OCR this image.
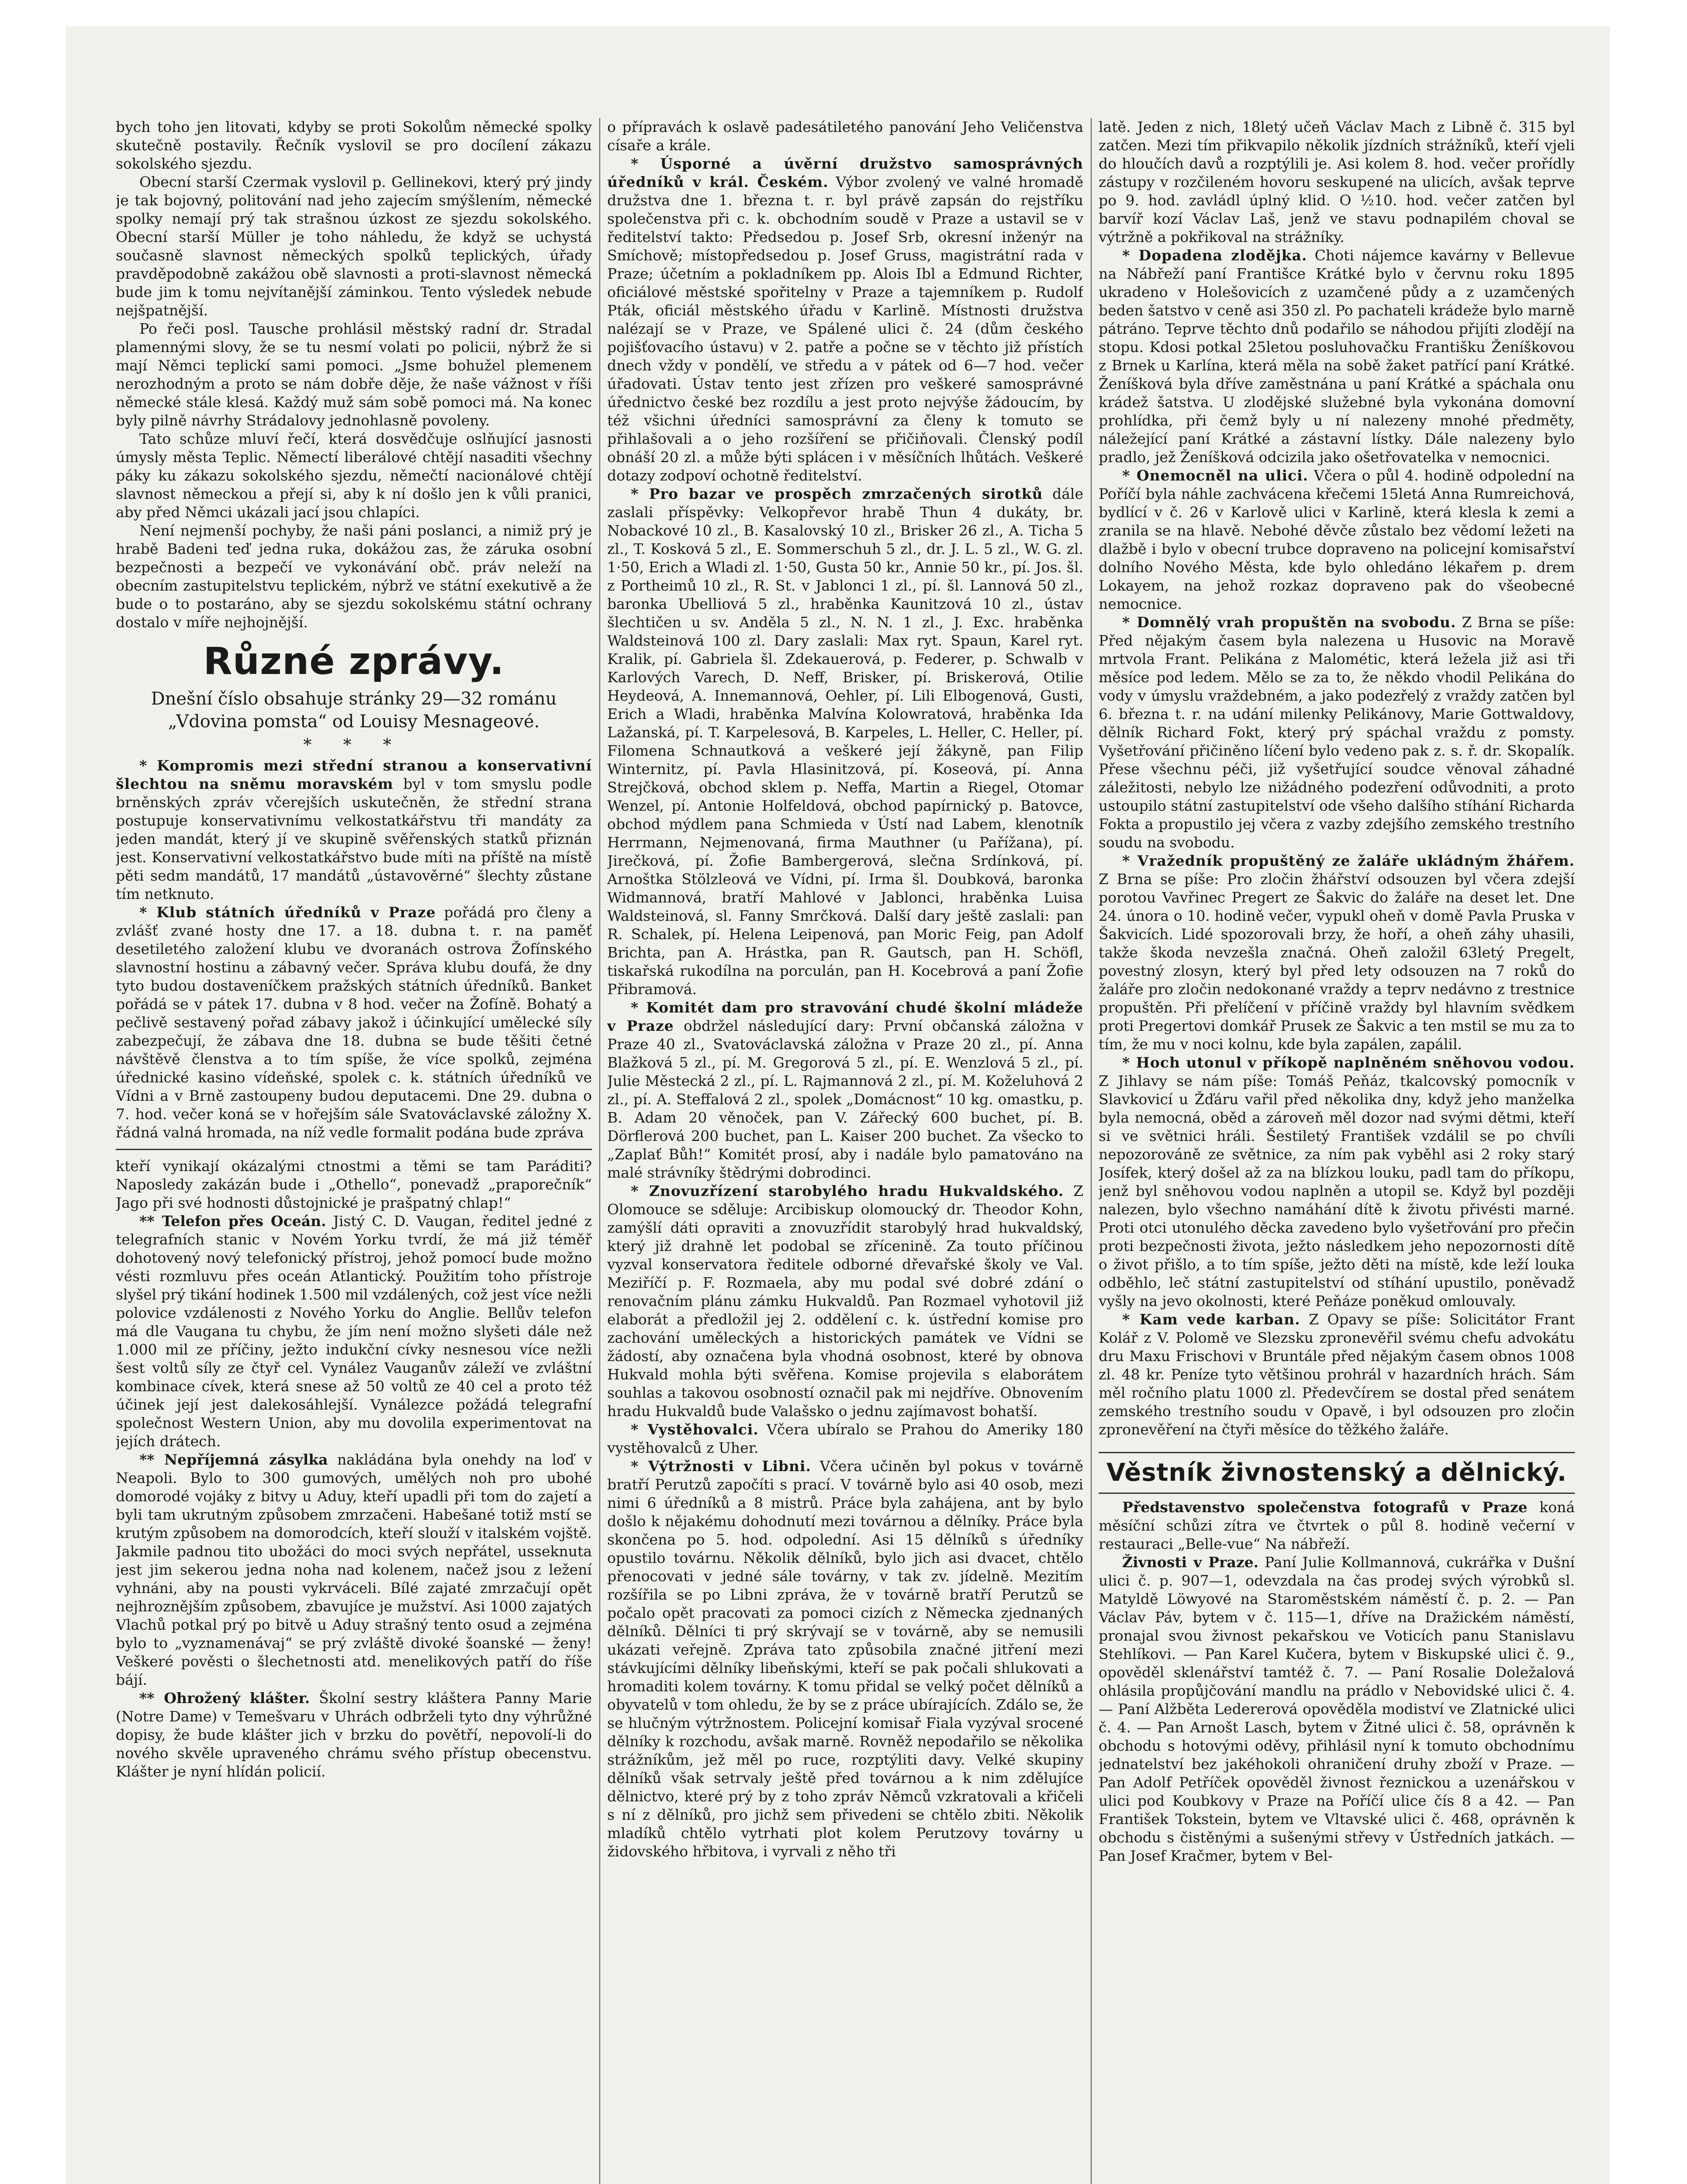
bych toho jen litovati, kdyby se proti Sokolům německé spolky skutečně postavily. Řečník vyslovil se pro docílení zákazu sokolského sjezdu.

Obecní starší Czermak vyslovil p. Gellinekovi, který prý jindy je tak bojovný, politování nad jeho zajecím smýšlením, německé spolky nemají prý tak strašnou úzkost ze sjezdu sokolského. Obecní starší Müller je toho náhledu, že když se uchystá současně slavnost německých spolků teplických, úřady pravděpodobně zakážou obě slavnosti a proti-slavnost německá bude jim k tomu nejvítanější záminkou. Tento výsledek nebude nejšpatnější.

Po řeči posl. Tausche prohlásil městský radní dr. Stradal plamennými slovy, že se tu nesmí volati po policii, nýbrž že si mají Němci teplickí sami pomoci. „Jsme bohužel plemenem nerozhodným a proto se nám dobře děje, že naše vážnost v říši německé stále klesá. Každý muž sám sobě pomoci má. Na konec byly pilně návrhy Strádalovy jednohlasně povoleny.

Tato schůze mluví řečí, která dosvědčuje oslňující jasnosti úmysly města Teplic. Němectí liberálové chtějí nasaditi všechny páky ku zákazu sokolského sjezdu, němečtí nacionálové chtějí slavnost německou a přejí si, aby k ní došlo jen k vůli pranici, aby před Němci ukázali jací jsou chlapíci.

Není nejmenší pochyby, že naši páni poslanci, a nimiž prý je hrabě Badeni teď jedna ruka, dokážou zas, že záruka osobní bezpečnosti a bezpečí ve vykonávání obč. práv neleží na obecním zastupitelstvu teplickém, nýbrž ve státní exekutivě a že bude o to postaráno, aby se sjezdu sokolskému státní ochrany dostalo v míře nejhojnější.

Různé zprávy.

Dnešní číslo obsahuje stránky 29—32 románu „Vdovina pomsta“ od Louisy Mesnageové.

* * *

* Kompromis mezi střední stranou a konservativní šlechtou na sněmu moravském byl v tom smyslu podle brněnských zpráv včerejších uskutečněn, že střední strana postupuje konservativnímu velkostatkářstvu tři mandáty za jeden mandát, který jí ve skupině svěřenských statků přiznán jest. Konservativní velkostatkářstvo bude míti na příště na místě pěti sedm mandátů, 17 mandátů „ústavověrné“ šlechty zůstane tím netknuto.

* Klub státních úředníků v Praze pořádá pro členy a zvlášť zvané hosty dne 17. a 18. dubna t. r. na paměť desetiletého založení klubu ve dvoranách ostrova Žofínského slavnostní hostinu a zábavný večer. Správa klubu doufá, že dny tyto budou dostaveníčkem pražských státních úředníků. Banket pořádá se v pátek 17. dubna v 8 hod. večer na Žofíně. Bohatý a pečlivě sestavený pořad zábavy jakož i účinkující umělecké síly zabezpečují, že zábava dne 18. dubna se bude těšiti četné návštěvě členstva a to tím spíše, že více spolků, zejména úřednické kasino vídeňské, spolek c. k. státních úředníků ve Vídni a v Brně zastoupeny budou deputacemi. Dne 29. dubna o 7. hod. večer koná se v hořejším sále Svatováclavské záložny X. řádná valná hromada, na níž vedle formalit podána bude zpráva

kteří vynikají okázalými ctnostmi a těmi se tam Paráditi? Naposledy zakázán bude i „Othello“, ponevadž „praporečník“ Jago při své hodnosti důstojnické je prašpatný chlap!“

** Telefon přes Oceán. Jistý C. D. Vaugan, ředitel jedné z telegrafních stanic v Novém Yorku tvrdí, že má již téměř dohotovený nový telefonický přístroj, jehož pomocí bude možno vésti rozmluvu přes oceán Atlantický. Použitím toho přístroje slyšel prý tikání hodinek 1.500 mil vzdálených, což jest více nežli polovice vzdálenosti z Nového Yorku do Anglie. Bellův telefon má dle Vaugana tu chybu, že jím není možno slyšeti dále než 1.000 mil ze příčiny, ježto indukční cívky nesnesou více nežli šest voltů síly ze čtyř cel. Vynález Vauganův záleží ve zvláštní kombinace cívek, která snese až 50 voltů ze 40 cel a proto též účinek její jest dalekosáhlejší. Vynálezce požádá telegrafní společnost Western Union, aby mu dovolila experimentovat na jejích drátech.

** Nepříjemná zásylka nakládána byla onehdy na loď v Neapoli. Bylo to 300 gumových, umělých noh pro ubohé domorodé vojáky z bitvy u Aduy, kteří upadli při tom do zajetí a byli tam ukrutným způsobem zmrzačeni. Habešané totiž mstí se krutým způsobem na domorodcích, kteří slouží v italském vojště. Jakmile padnou tito ubožáci do moci svých nepřátel, usseknuta jest jim sekerou jedna noha nad kolenem, načež jsou z ležení vyhnáni, aby na pousti vykrváceli. Bílé zajaté zmrzačují opět nejhroznějším způsobem, zbavujíce je mužství. Asi 1000 zajatých Vlachů potkal prý po bitvě u Aduy strašný tento osud a zejména bylo to „vyznamenávaj“ se prý zvláště divoké šoanské — ženy! Veškeré pověsti o šlechetnosti atd. menelikových patří do říše bájí.

** Ohrožený klášter. Školní sestry kláštera Panny Marie (Notre Dame) v Temešvaru v Uhrách odbrželi tyto dny výhrůžné dopisy, že bude klášter jich v brzku do povětří, nepovolí-li do nového skvěle upraveného chrámu svého přístup obecenstvu. Klášter je nyní hlídán policií.

o přípravách k oslavě padesátiletého panování Jeho Veličenstva císaře a krále.

* Úsporné a úvěrní družstvo samosprávných úředníků v král. Českém. Výbor zvolený ve valné hromadě družstva dne 1. března t. r. byl právě zapsán do rejstříku společenstva při c. k. obchodním soudě v Praze a ustavil se v ředitelství takto: Předsedou p. Josef Srb, okresní inženýr na Smíchově; místopředsedou p. Josef Gruss, magistrátní rada v Praze; účetním a pokladníkem pp. Alois Ibl a Edmund Richter, oficiálové městské spořitelny v Praze a tajemníkem p. Rudolf Pták, oficiál městského úřadu v Karlině. Místnosti družstva nalézají se v Praze, ve Spálené ulici č. 24 (dům českého pojišťovacího ústavu) v 2. patře a počne se v těchto již přístích dnech vždy v pondělí, ve středu a v pátek od 6—7 hod. večer úřadovati. Ústav tento jest zřízen pro veškeré samosprávné úřednictvo české bez rozdílu a jest proto nejvýše žádoucím, by též všichni úředníci samosprávní za členy k tomuto se přihlašovali a o jeho rozšíření se přičiňovali. Členský podíl obnáší 20 zl. a může býti splácen i v měsíčních lhůtách. Veškeré dotazy zodpoví ochotně ředitelství.

* Pro bazar ve prospěch zmrzačených sirotků dále zaslali příspěvky: Velkopřevor hrabě Thun 4 dukáty, br. Nobackové 10 zl., B. Kasalovský 10 zl., Brisker 26 zl., A. Ticha 5 zl., T. Kosková 5 zl., E. Sommerschuh 5 zl., dr. J. L. 5 zl., W. G. zl. 1·50, Erich a Wladi zl. 1·50, Gusta 50 kr., Annie 50 kr., pí. Jos. šl. z Portheimů 10 zl., R. St. v Jablonci 1 zl., pí. šl. Lannová 50 zl., baronka Ubelliová 5 zl., hraběnka Kaunitzová 10 zl., ústav šlechtičen u sv. Anděla 5 zl., N. N. 1 zl., J. Exc. hraběnka Waldsteinová 100 zl. Dary zaslali: Max ryt. Spaun, Karel ryt. Kralik, pí. Gabriela šl. Zdekauerová, p. Federer, p. Schwalb v Karlových Varech, D. Neff, Brisker, pí. Briskerová, Otilie Heydeová, A. Innemannová, Oehler, pí. Lili Elbogenová, Gusti, Erich a Wladi, hraběnka Malvína Kolowratová, hraběnka Ida Lažanská, pí. T. Karpelesová, B. Karpeles, L. Heller, C. Heller, pí. Filomena Schnautková a veškeré její žákyně, pan Filip Winternitz, pí. Pavla Hlasinitzová, pí. Koseová, pí. Anna Strejčková, obchod sklem p. Neffa, Martin a Riegel, Otomar Wenzel, pí. Antonie Holfeldová, obchod papírnický p. Batovce, obchod mýdlem pana Schmieda v Ústí nad Labem, klenotník Herrmann, Nejmenovaná, firma Mauthner (u Pařížana), pí. Jirečková, pí. Žofie Bambergerová, slečna Srdínková, pí. Arnoštka Stölzleová ve Vídni, pí. Irma šl. Doubková, baronka Widmannová, bratří Mahlové v Jablonci, hraběnka Luisa Waldsteinová, sl. Fanny Smrčková. Další dary ještě zaslali: pan R. Schalek, pí. Helena Leipenová, pan Moric Feig, pan Adolf Brichta, pan A. Hrástka, pan R. Gautsch, pan H. Schöfl, tiskařská rukodílna na porculán, pan H. Kocebrová a paní Žofie Přibramová.

* Komitét dam pro stravování chudé školní mládeže v Praze obdržel následující dary: První občanská záložna v Praze 40 zl., Svatováclavská záložna v Praze 20 zl., pí. Anna Blažková 5 zl., pí. M. Gregorová 5 zl., pí. E. Wenzlová 5 zl., pí. Julie Městecká 2 zl., pí. L. Rajmannová 2 zl., pí. M. Koželuhová 2 zl., pí. A. Steffalová 2 zl., spolek „Domácnost“ 10 kg. omastku, p. B. Adam 20 věnoček, pan V. Zářecký 600 buchet, pí. B. Dörflerová 200 buchet, pan L. Kaiser 200 buchet. Za všecko to „Zaplať Bůh!“ Komitét prosí, aby i nadále bylo pamatováno na malé strávníky štědrými dobrodinci.

* Znovuzřízení starobylého hradu Hukvaldského. Z Olomouce se sděluje: Arcibiskup olomoucký dr. Theodor Kohn, zamýšlí dáti opraviti a znovuzřídit starobylý hrad hukvaldský, který již drahně let podobal se zřícenině. Za touto příčinou vyzval konservatora ředitele odborné dřevařské školy ve Val. Meziříčí p. F. Rozmaela, aby mu podal své dobré zdání o renovačním plánu zámku Hukvaldů. Pan Rozmael vyhotovil již elaborát a předložil jej 2. oddělení c. k. ústřední komise pro zachování uměleckých a historických památek ve Vídni se žádostí, aby označena byla vhodná osobnost, které by obnova Hukvald mohla býti svěřena. Komise projevila s elaborátem souhlas a takovou osobností označil pak mi nejdříve. Obnovením hradu Hukvaldů bude Valašsko o jednu zajímavost bohatší.

* Vystěhovalci. Včera ubíralo se Prahou do Ameriky 180 vystěhovalců z Uher.

* Výtržnosti v Libni. Včera učiněn byl pokus v továrně bratří Perutzů započíti s prací. V továrně bylo asi 40 osob, mezi nimi 6 úředníků a 8 mistrů. Práce byla zahájena, ant by bylo došlo k nějakému dohodnutí mezi továrnou a dělníky. Práce byla skončena po 5. hod. odpolední. Asi 15 dělníků s úředníky opustilo továrnu. Několik dělníků, bylo jich asi dvacet, chtělo přenocovati v jedné sále továrny, v tak zv. jídelně. Mezitím rozšířila se po Libni zpráva, že v továrně bratří Perutzů se počalo opět pracovati za pomoci cizích z Německa zjednaných dělníků. Dělníci ti prý skrývají se v továrně, aby se nemusili ukázati veřejně. Zpráva tato způsobila značné jitření mezi stávkujícími dělníky libeňskými, kteří se pak počali shlukovati a hromaditi kolem továrny. K tomu přidal se velký počet dělníků a obyvatelů v tom ohledu, že by se z práce ubírajících. Zdálo se, že se hlučným výtržnostem. Policejní komisař Fiala vyzýval srocené dělníky k rozchodu, avšak marně. Rovněž nepodařilo se několika strážníkům, jež měl po ruce, rozptýliti davy. Velké skupiny dělníků však setrvaly ještě před továrnou a k nim zdělujíce dělnictvo, které prý by z toho zpráv Němců vzkratovali a křičeli s ní z dělníků, pro jichž sem přivedeni se chtělo zbiti. Několik mladíků chtělo vytrhati plot kolem Perutzovy továrny u židovského hřbitova, i vyrvali z něho tři

latě. Jeden z nich, 18letý učeň Václav Mach z Libně č. 315 byl zatčen. Mezi tím přikvapilo několik jízdních strážníků, kteří vjeli do hloučích davů a rozptýlili je. Asi kolem 8. hod. večer prořídly zástupy v rozčileném hovoru seskupené na ulicích, avšak teprve po 9. hod. zavládl úplný klid. O ½10. hod. večer zatčen byl barvíř kozí Václav Laš, jenž ve stavu podnapilém choval se výtržně a pokřikoval na strážníky.

* Dopadena zlodějka. Choti nájemce kavárny v Bellevue na Nábřeží paní Františce Krátké bylo v červnu roku 1895 ukradeno v Holešovicích z uzamčené půdy a z uzamčených beden šatstvo v ceně asi 350 zl. Po pachateli krádeže bylo marně pátráno. Teprve těchto dnů podařilo se náhodou přijíti zlodějí na stopu. Kdosi potkal 25letou posluhovačku Františku Ženíškovou z Brnek u Karlína, která měla na sobě žaket patřící paní Krátké. Ženíšková byla dříve zaměstnána u paní Krátké a spáchala onu krádež šatstva. U zlodějské služebné byla vykonána domovní prohlídka, při čemž byly u ní nalezeny mnohé předměty, náležející paní Krátké a zástavní lístky. Dále nalezeny bylo pradlo, jež Ženíšková odcizila jako ošetřovatelka v nemocnici.

* Onemocněl na ulici. Včera o půl 4. hodině odpolední na Poříčí byla náhle zachvácena křečemi 15letá Anna Rumreichová, bydlící v č. 26 v Karlově ulici v Karlině, která klesla k zemi a zranila se na hlavě. Nebohé děvče zůstalo bez vědomí ležeti na dlažbě i bylo v obecní trubce dopraveno na policejní komisařství dolního Nového Města, kde bylo ohledáno lékařem p. drem Lokayem, na jehož rozkaz dopraveno pak do všeobecné nemocnice.

* Domnělý vrah propuštěn na svobodu. Z Brna se píše: Před nějakým časem byla nalezena u Husovic na Moravě mrtvola Frant. Pelikána z Malométic, která ležela již asi tři měsíce pod ledem. Mělo se za to, že někdo vhodil Pelikána do vody v úmyslu vraždebném, a jako podezřelý z vraždy zatčen byl 6. března t. r. na udání milenky Pelikánovy, Marie Gottwaldovy, dělník Richard Fokt, který prý spáchal vraždu z pomsty. Vyšetřování přičiněno líčení bylo vedeno pak z. s. ř. dr. Skopalík. Přese všechnu péči, již vyšetřující soudce věnoval záhadné záležitosti, nebylo lze nižádného podezření odůvodniti, a proto ustoupilo státní zastupitelství ode všeho dalšího stíhání Richarda Fokta a propustilo jej včera z vazby zdejšího zemského trestního soudu na svobodu.

* Vražedník propuštěný ze žaláře ukládným žhářem. Z Brna se píše: Pro zločin žhářství odsouzen byl včera zdejší porotou Vavřinec Pregert ze Šakvic do žaláře na deset let. Dne 24. února o 10. hodině večer, vypukl oheň v domě Pavla Pruska v Šakvicích. Lidé spozorovali brzy, že hoří, a oheň záhy uhasili, takže škoda nevzešla značná. Oheň založil 63letý Pregelt, povestný zlosyn, který byl před lety odsouzen na 7 roků do žaláře pro zločin nedokonané vraždy a teprv nedávno z trestnice propuštěn. Při přelíčení v příčině vraždy byl hlavním svědkem proti Pregertovi domkář Prusek ze Šakvic a ten mstil se mu za to tím, že mu v noci kolnu, kde byla zapálen, zapálil.

* Hoch utonul v příkopě naplněném sněhovou vodou. Z Jihlavy se nám píše: Tomáš Peňáz, tkalcovský pomocník v Slavkovicí u Žďáru vařil před několika dny, když jeho manželka byla nemocná, oběd a zároveň měl dozor nad svými dětmi, kteří si ve světnici hráli. Šestiletý František vzdálil se po chvíli nepozorováně ze světnice, za ním pak vyběhl asi 2 roky starý Josífek, který došel až za na blízkou louku, padl tam do příkopu, jenž byl sněhovou vodou naplněn a utopil se. Když byl později nalezen, bylo všechno namáhání dítě k životu přivésti marné. Proti otci utonulého děcka zavedeno bylo vyšetřování pro přečin proti bezpečnosti života, ježto následkem jeho nepozornosti dítě o život přišlo, a to tím spíše, ježto děti na místě, kde leží louka odběhlo, leč státní zastupitelství od stíhání upustilo, poněvadž vyšly na jevo okolnosti, které Peňáze poněkud omlouvaly.

* Kam vede karban. Z Opavy se píše: Solicitátor Frant Kolář z V. Polomě ve Slezsku zpronevěřil svému chefu advokátu dru Maxu Frischovi v Bruntále před nějakým časem obnos 1008 zl. 48 kr. Peníze tyto většinou prohrál v hazardních hrách. Sám měl ročního platu 1000 zl. Předevčírem se dostal před senátem zemského trestního soudu v Opavě, i byl odsouzen pro zločin zpronevěření na čtyři měsíce do těžkého žaláře.

Věstník živnostenský a dělnický.

Představenstvo společenstva fotografů v Praze koná měsíční schůzi zítra ve čtvrtek o půl 8. hodině večerní v restauraci „Belle-vue“ Na nábřeží.

Živnosti v Praze. Paní Julie Kollmannová, cukrářka v Dušní ulici č. p. 907—1, odevzdala na čas prodej svých výrobků sl. Matyldě Löwyové na Staroměstském náměstí č. p. 2. — Pan Václav Páv, bytem v č. 115—1, dříve na Dražickém náměstí, pronajal svou živnost pekařskou ve Voticích panu Stanislavu Stehlíkovi. — Pan Karel Kučera, bytem v Biskupské ulici č. 9., opověděl sklenářství tamtéž č. 7. — Paní Rosalie Doležalová ohlásila propůjčování mandlu na prádlo v Nebovidské ulici č. 4. — Paní Alžběta Ledererová opověděla modiství ve Zlatnické ulici č. 4. — Pan Arnošt Lasch, bytem v Žitné ulici č. 58, oprávněn k obchodu s hotovými oděvy, přihlásil nyní k tomuto obchodnímu jednatelství bez jakéhokoli ohraničení druhy zboží v Praze. — Pan Adolf Petříček opověděl živnost řeznickou a uzenářskou v ulici pod Koubkovy v Praze na Poříčí ulice čís 8 a 42. — Pan František Tokstein, bytem ve Vltavské ulici č. 468, oprávněn k obchodu s čistěnými a sušenými střevy v Ústředních jatkách. — Pan Josef Kračmer, bytem v Bel-
